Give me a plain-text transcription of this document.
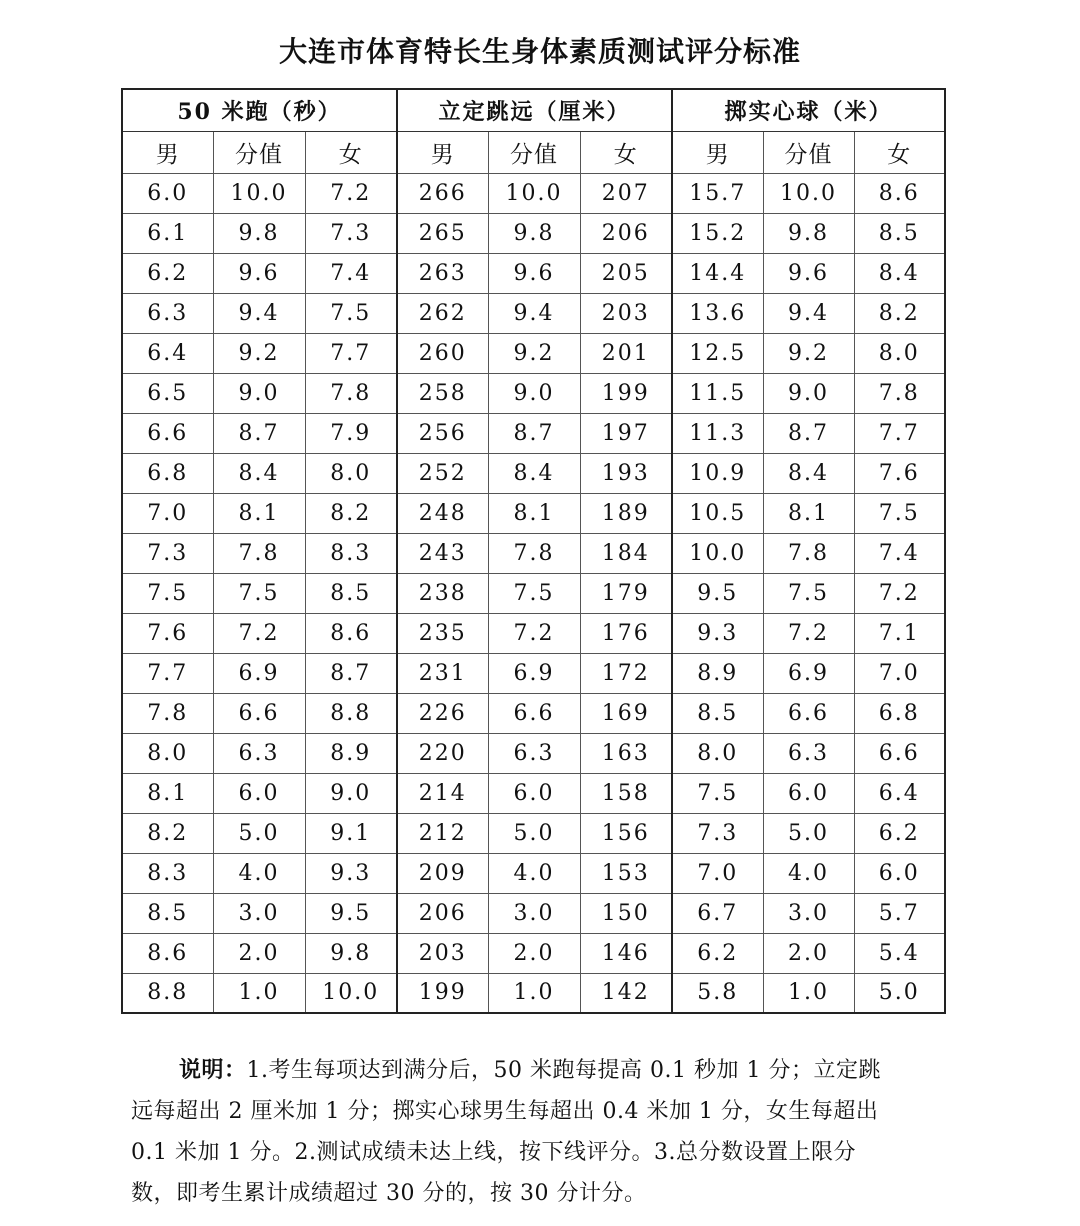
大连市体育特长生身体素质测试评分标准
50 米跑（秒）			立定跳远（厘米）			掷实心球（米）		
男	分值	女	男	分值	女	男	分值	女
6.0	10.0	7.2	266	10.0	207	15.7	10.0	8.6
6.1	9.8	7.3	265	9.8	206	15.2	9.8	8.5
6.2	9.6	7.4	263	9.6	205	14.4	9.6	8.4
6.3	9.4	7.5	262	9.4	203	13.6	9.4	8.2
6.4	9.2	7.7	260	9.2	201	12.5	9.2	8.0
6.5	9.0	7.8	258	9.0	199	11.5	9.0	7.8
6.6	8.7	7.9	256	8.7	197	11.3	8.7	7.7
6.8	8.4	8.0	252	8.4	193	10.9	8.4	7.6
7.0	8.1	8.2	248	8.1	189	10.5	8.1	7.5
7.3	7.8	8.3	243	7.8	184	10.0	7.8	7.4
7.5	7.5	8.5	238	7.5	179	9.5	7.5	7.2
7.6	7.2	8.6	235	7.2	176	9.3	7.2	7.1
7.7	6.9	8.7	231	6.9	172	8.9	6.9	7.0
7.8	6.6	8.8	226	6.6	169	8.5	6.6	6.8
8.0	6.3	8.9	220	6.3	163	8.0	6.3	6.6
8.1	6.0	9.0	214	6.0	158	7.5	6.0	6.4
8.2	5.0	9.1	212	5.0	156	7.3	5.0	6.2
8.3	4.0	9.3	209	4.0	153	7.0	4.0	6.0
8.5	3.0	9.5	206	3.0	150	6.7	3.0	5.7
8.6	2.0	9.8	203	2.0	146	6.2	2.0	5.4
8.8	1.0	10.0	199	1.0	142	5.8	1.0	5.0
说明：1.考生每项达到满分后，50 米跑每提高 0.1 秒加 1 分；立定跳
远每超出 2 厘米加 1 分；掷实心球男生每超出 0.4 米加 1 分，女生每超出
0.1 米加 1 分。2.测试成绩未达上线，按下线评分。3.总分数设置上限分
数，即考生累计成绩超过 30 分的，按 30 分计分。
